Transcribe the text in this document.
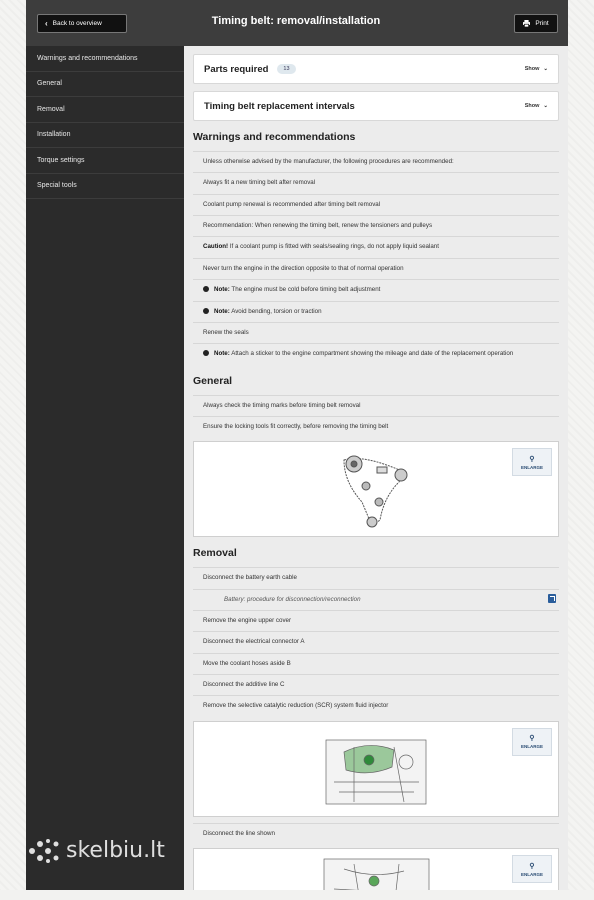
‹ Back to overview	Timing belt: removal/installation	Print
Warnings and recommendations
General
Removal
Installation
Torque settings
Special tools
Parts required	13	Show ⌄
Timing belt replacement intervals	Show ⌄
Warnings and recommendations
Unless otherwise advised by the manufacturer, the following procedures are recommended:
Always fit a new timing belt after removal
Coolant pump renewal is recommended after timing belt removal
Recommendation: When renewing the timing belt, renew the tensioners and pulleys
Caution! If a coolant pump is fitted with seals/sealing rings, do not apply liquid sealant
Never turn the engine in the direction opposite to that of normal operation
Note: The engine must be cold before timing belt adjustment
Note: Avoid bending, torsion or traction
Renew the seals
Note: Attach a sticker to the engine compartment showing the mileage and date of the replacement operation
General
Always check the timing marks before timing belt removal
Ensure the locking tools fit correctly, before removing the timing belt
⚲
ENLARGE
Removal
Disconnect the battery earth cable
Battery: procedure for disconnection/reconnection
Remove the engine upper cover
Disconnect the electrical connector A
Move the coolant hoses aside B
Disconnect the additive line C
Remove the selective catalytic reduction (SCR) system fluid injector
⚲
ENLARGE
Disconnect the line shown
⚲
ENLARGE
skelbiu.lt
